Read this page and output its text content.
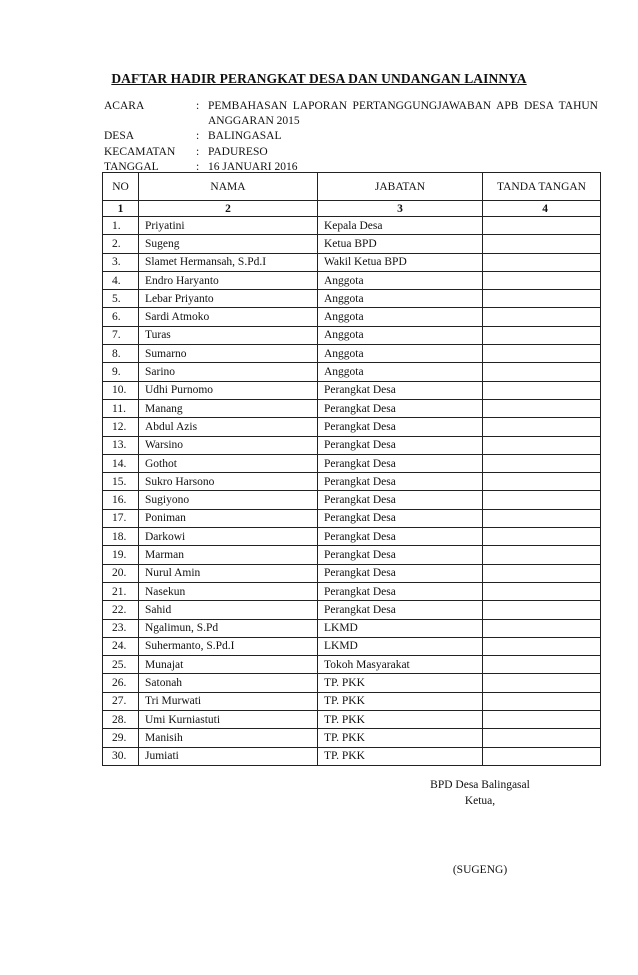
DAFTAR HADIR PERANGKAT DESA DAN UNDANGAN LAINNYA
ACARA	: PEMBAHASAN LAPORAN PERTANGGUNGJAWABAN APB DESA TAHUN
ANGGARAN 2015
DESA	: BALINGASAL
KECAMATAN	: PADURESO
TANGGAL	: 16 JANUARI 2016
NO	NAMA	JABATAN	TANDA TANGAN
1	2	3	4
1.	Priyatini	Kepala Desa	
2.	Sugeng	Ketua BPD	
3.	Slamet Hermansah, S.Pd.I	Wakil Ketua BPD	
4.	Endro Haryanto	Anggota	
5.	Lebar Priyanto	Anggota	
6.	Sardi Atmoko	Anggota	
7.	Turas	Anggota	
8.	Sumarno	Anggota	
9.	Sarino	Anggota	
10.	Udhi Purnomo	Perangkat Desa	
11.	Manang	Perangkat Desa	
12.	Abdul Azis	Perangkat Desa	
13.	Warsino	Perangkat Desa	
14.	Gothot	Perangkat Desa	
15.	Sukro Harsono	Perangkat Desa	
16.	Sugiyono	Perangkat Desa	
17.	Poniman	Perangkat Desa	
18.	Darkowi	Perangkat Desa	
19.	Marman	Perangkat Desa	
20.	Nurul Amin	Perangkat Desa	
21.	Nasekun	Perangkat Desa	
22.	Sahid	Perangkat Desa	
23.	Ngalimun, S.Pd	LKMD	
24.	Suhermanto, S.Pd.I	LKMD	
25.	Munajat	Tokoh Masyarakat	
26.	Satonah	TP. PKK	
27.	Tri Murwati	TP. PKK	
28.	Umi Kurniastuti	TP. PKK	
29.	Manisih	TP. PKK	
30.	Jumiati	TP. PKK	
BPD Desa Balingasal
Ketua,
(SUGENG)
